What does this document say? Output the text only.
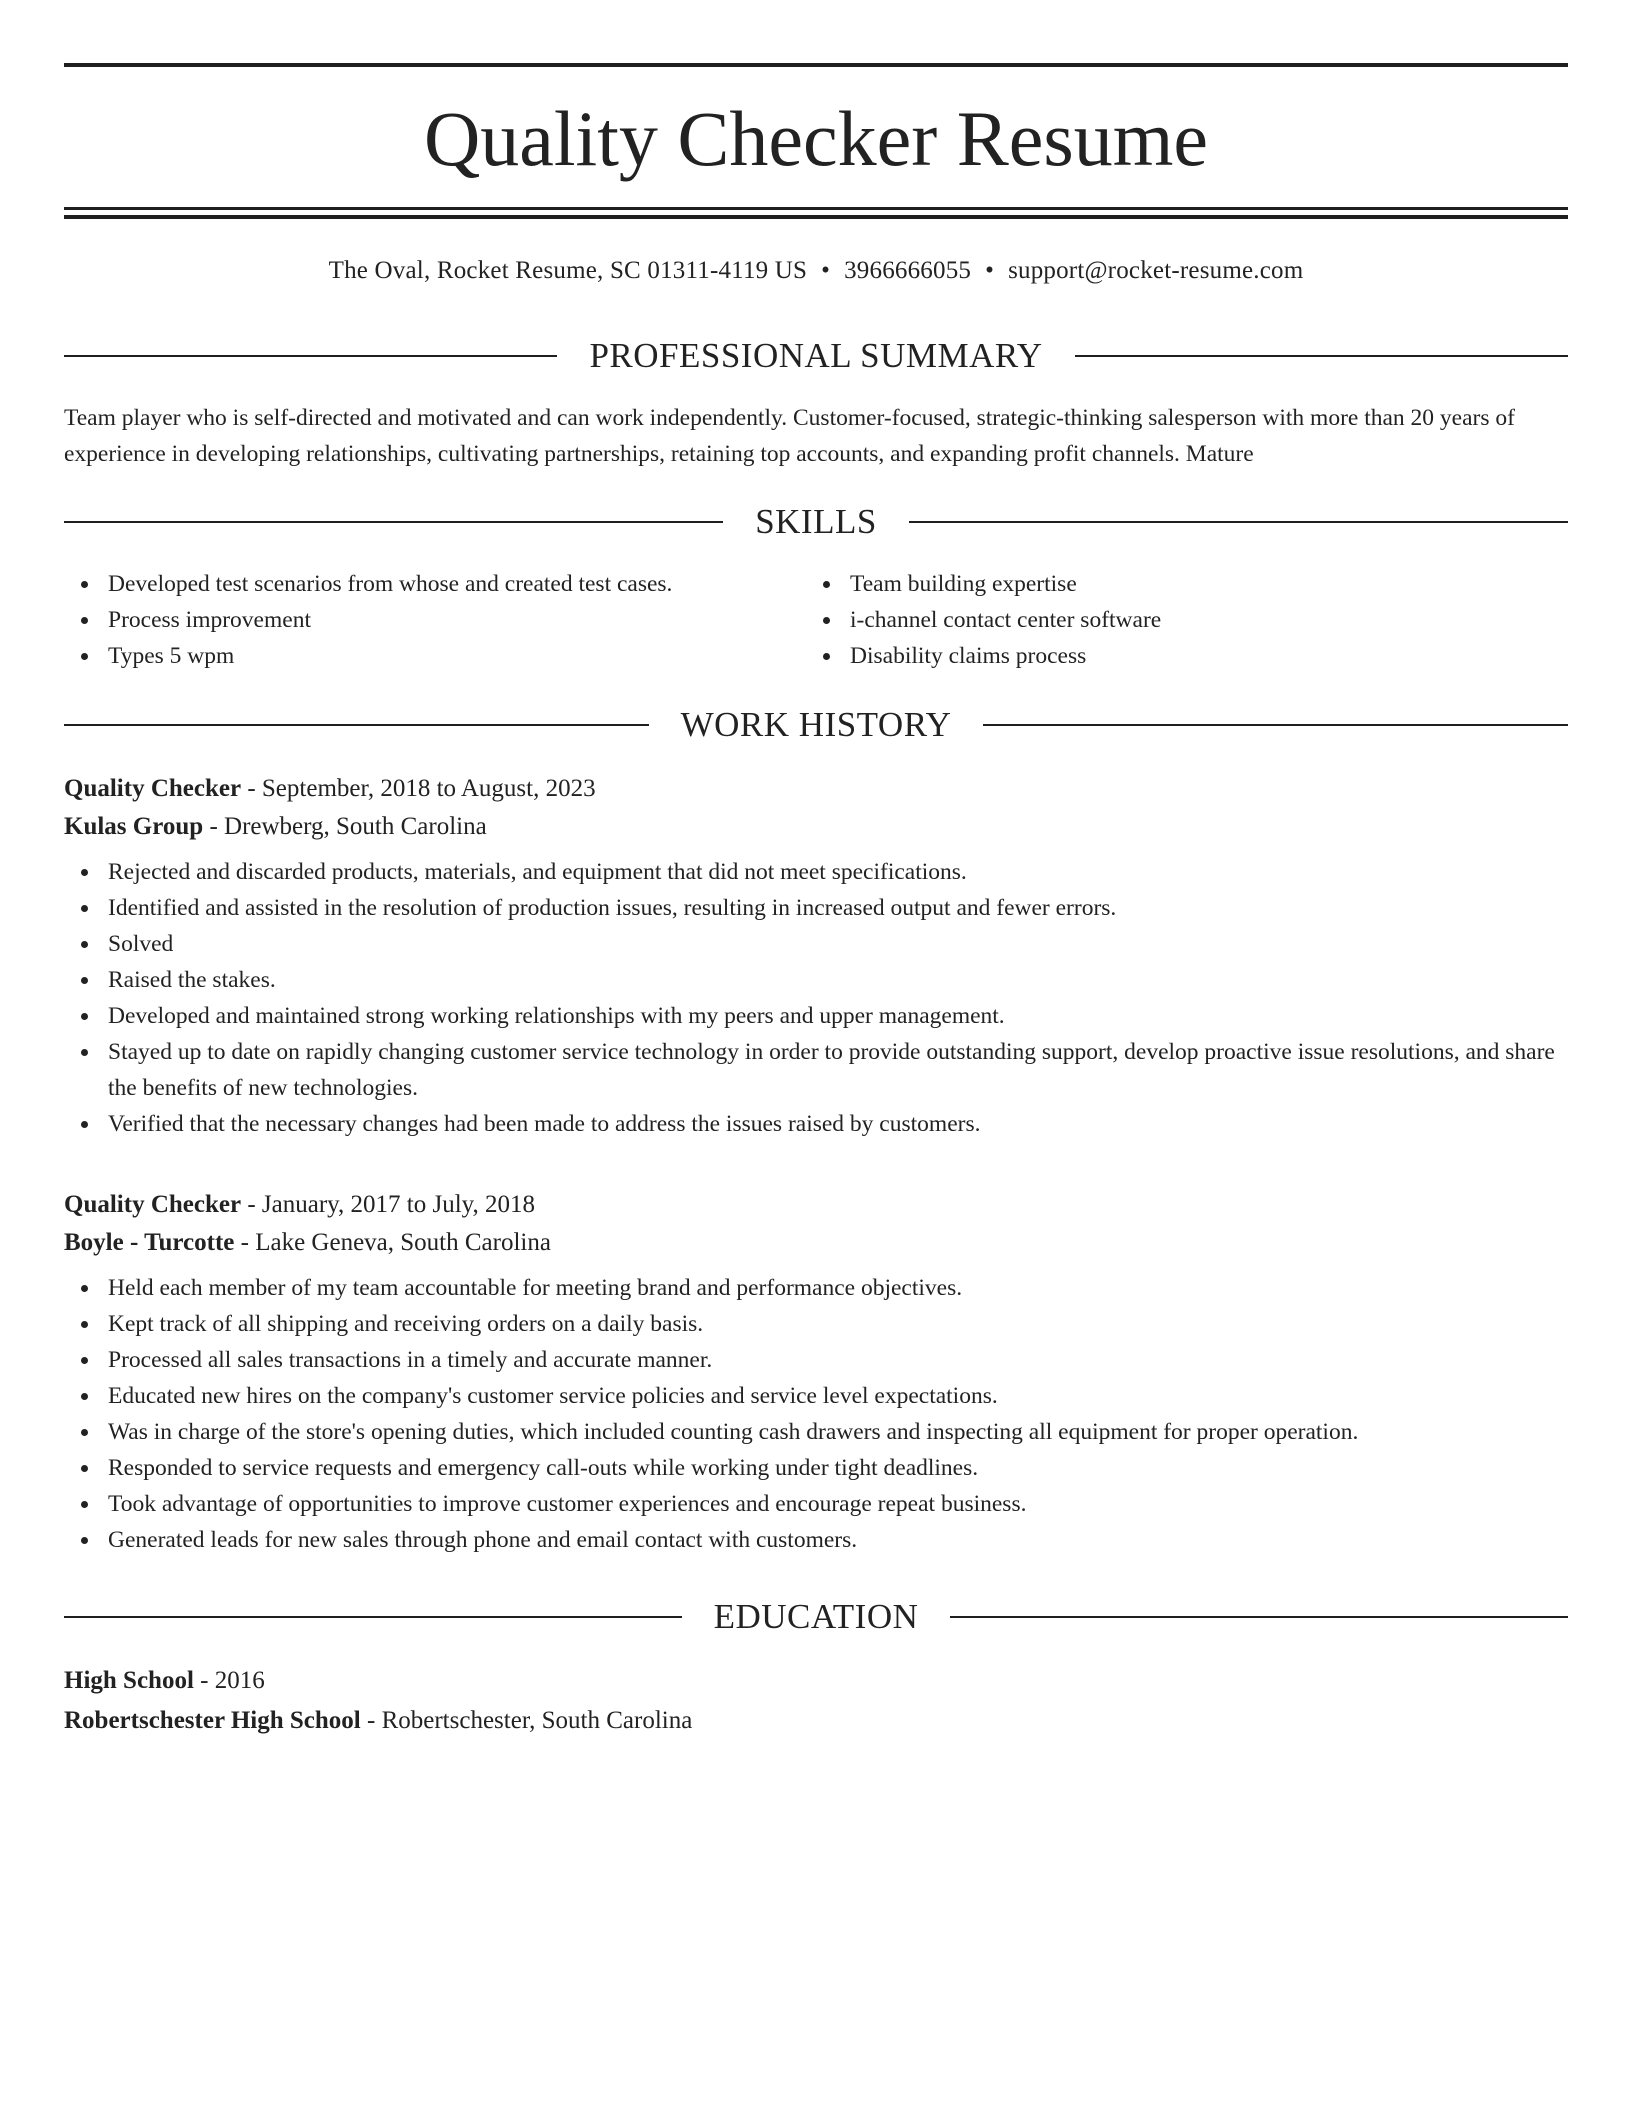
Quality Checker Resume
The Oval, Rocket Resume, SC 01311-4119 US • 3966666055 • support@rocket-resume.com
PROFESSIONAL SUMMARY

Team player who is self-directed and motivated and can work independently. Customer-focused, strategic-thinking salesperson with more than 20 years of experience in developing relationships, cultivating partnerships, retaining top accounts, and expanding profit channels. Mature

SKILLS
Developed test scenarios from whose and created test cases.
Process improvement
Types 5 wpm
Team building expertise
i-channel contact center software
Disability claims process
WORK HISTORY
Quality Checker - September, 2018 to August, 2023
Kulas Group - Drewberg, South Carolina
Rejected and discarded products, materials, and equipment that did not meet specifications.
Identified and assisted in the resolution of production issues, resulting in increased output and fewer errors.
Solved
Raised the stakes.
Developed and maintained strong working relationships with my peers and upper management.
Stayed up to date on rapidly changing customer service technology in order to provide outstanding support, develop proactive issue resolutions, and share the benefits of new technologies.
Verified that the necessary changes had been made to address the issues raised by customers.
Quality Checker - January, 2017 to July, 2018
Boyle - Turcotte - Lake Geneva, South Carolina
Held each member of my team accountable for meeting brand and performance objectives.
Kept track of all shipping and receiving orders on a daily basis.
Processed all sales transactions in a timely and accurate manner.
Educated new hires on the company's customer service policies and service level expectations.
Was in charge of the store's opening duties, which included counting cash drawers and inspecting all equipment for proper operation.
Responded to service requests and emergency call-outs while working under tight deadlines.
Took advantage of opportunities to improve customer experiences and encourage repeat business.
Generated leads for new sales through phone and email contact with customers.
EDUCATION
High School - 2016
Robertschester High School - Robertschester, South Carolina
